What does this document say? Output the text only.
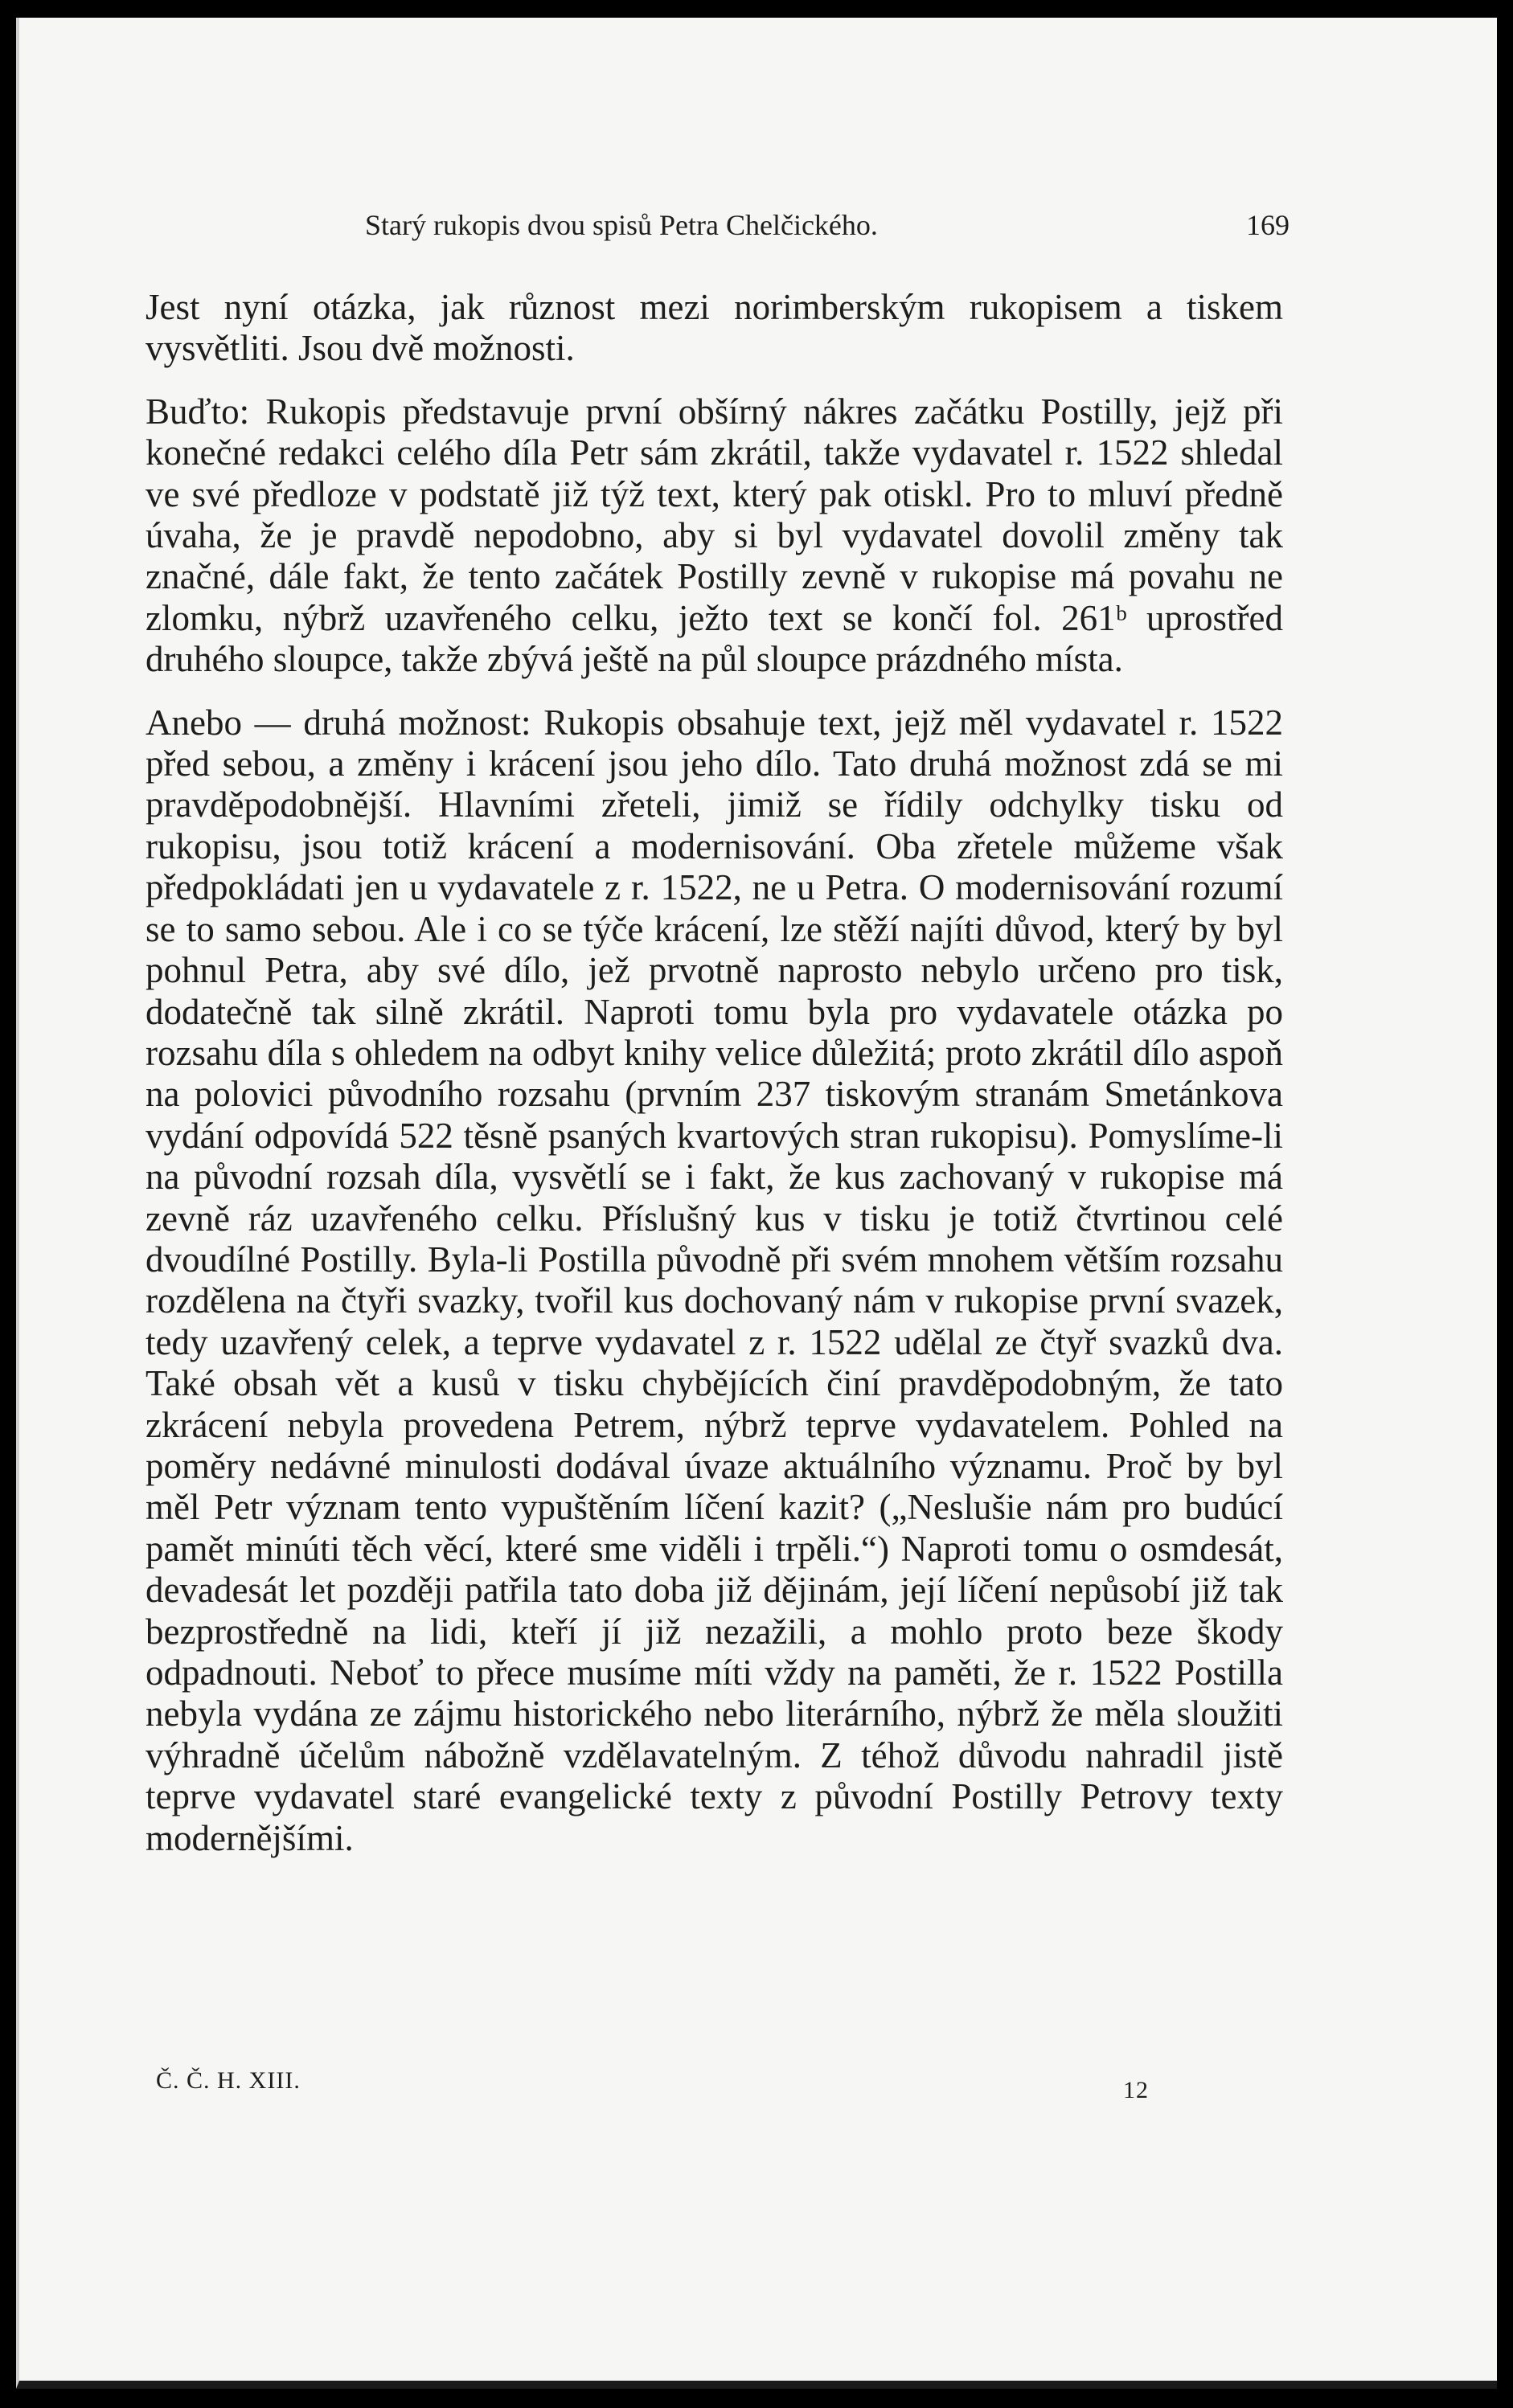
Starý rukopis dvou spisů Petra Chelčického.	169

Jest nyní otázka, jak různost mezi norimberským rukopisem a tiskem vysvětliti. Jsou dvě možnosti.

Buďto: Rukopis představuje první obšírný nákres začátku Postilly, jejž při konečné redakci celého díla Petr sám zkrátil, takže vydavatel r. 1522 shledal ve své předloze v podstatě již týž text, který pak otiskl. Pro to mluví předně úvaha, že je pravdě nepodobno, aby si byl vydavatel dovolil změny tak značné, dále fakt, že tento začátek Postilly zevně v rukopise má povahu ne zlomku, nýbrž uzavřeného celku, ježto text se končí fol. 261ᵇ uprostřed druhého sloupce, takže zbývá ještě na půl sloupce prázdného místa.

Anebo — druhá možnost: Rukopis obsahuje text, jejž měl vydavatel r. 1522 před sebou, a změny i krácení jsou jeho dílo. Tato druhá možnost zdá se mi pravděpodobnější. Hlavními zřeteli, jimiž se řídily odchylky tisku od rukopisu, jsou totiž krácení a modernisování. Oba zřetele můžeme však předpokládati jen u vydavatele z r. 1522, ne u Petra. O modernisování rozumí se to samo sebou. Ale i co se týče krácení, lze stěží najíti důvod, který by byl pohnul Petra, aby své dílo, jež prvotně naprosto nebylo určeno pro tisk, dodatečně tak silně zkrátil. Naproti tomu byla pro vydavatele otázka po rozsahu díla s ohledem na odbyt knihy velice důležitá; proto zkrátil dílo aspoň na polovici původního rozsahu (prvním 237 tiskovým stranám Smetánkova vydání odpovídá 522 těsně psaných kvartových stran rukopisu). Pomyslíme-li na původní rozsah díla, vysvětlí se i fakt, že kus zachovaný v rukopise má zevně ráz uzavřeného celku. Příslušný kus v tisku je totiž čtvrtinou celé dvoudílné Postilly. Byla-li Postilla původně při svém mnohem větším rozsahu rozdělena na čtyři svazky, tvořil kus dochovaný nám v rukopise první svazek, tedy uzavřený celek, a teprve vydavatel z r. 1522 udělal ze čtyř svazků dva. Také obsah vět a kusů v tisku chybějících činí pravděpodobným, že tato zkrácení nebyla provedena Petrem, nýbrž teprve vydavatelem. Pohled na poměry nedávné minulosti dodával úvaze aktuálního významu. Proč by byl měl Petr význam tento vypuštěním líčení kazit? („Neslušie nám pro budúcí pamět minúti těch věcí, které sme viděli i trpěli.“) Naproti tomu o osmdesát, devadesát let později patřila tato doba již dějinám, její líčení nepůsobí již tak bezprostředně na lidi, kteří jí již nezažili, a mohlo proto beze škody odpadnouti. Neboť to přece musíme míti vždy na paměti, že r. 1522 Postilla nebyla vydána ze zájmu historického nebo literárního, nýbrž že měla sloužiti výhradně účelům nábožně vzdělavatelným. Z téhož důvodu nahradil jistě teprve vydavatel staré evangelické texty z původní Postilly Petrovy texty modernějšími.

Č. Č. H. XIII.	12
